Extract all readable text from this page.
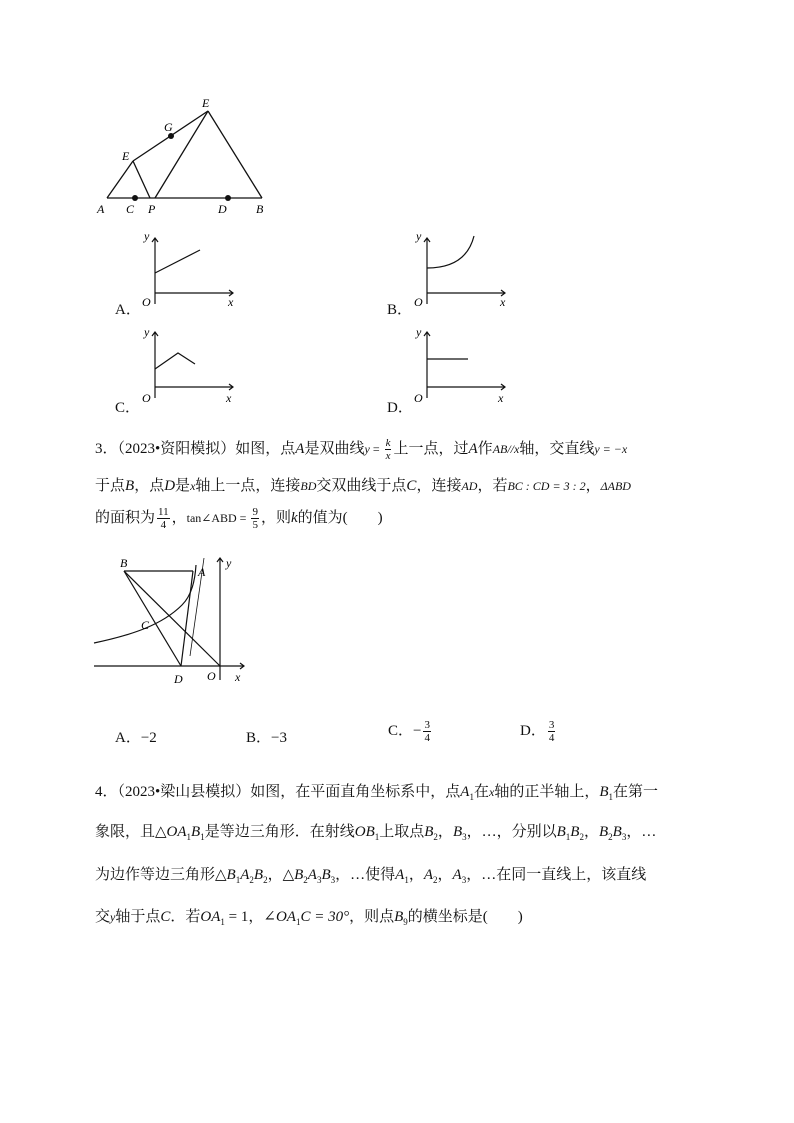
E
G
E
A C P	D B
A．
y
x
O	B．
y
x
O
C．
y
x
O
D．
y
x
O
3．（2023•资阳模拟）如图，点A是双曲线$y = \frac{k}{x}$ 上一点，过A作AB//x轴，交直线y = −x
于点B，点D是x轴上一点，连接BD交双曲线于点C，连接AD，若BC : CD = 3 : 2，ΔABD
的面积为 $\frac{11}{4}$ ，tan∠ABD = $\frac{9}{5}$ ，则k的值为(　　)
B
A
C
D O x
y
A．−2	B．−3	C．− $\frac{3}{4}$	D． $\frac{3}{4}$
4．（2023•梁山县模拟）如图，在平面直角坐标系中，点$A_1$在x轴的正半轴上，$B_1$在第一
象限，且$\triangle OA_1B_1$是等边三角形．在射线$OB_1$上取点$B_2$，$B_3$，…，分别以$B_1B_2$，$B_2B_3$，…
为边作等边三角形$\triangle B_1A_2B_2$，$\triangle B_2A_3B_3$，…使得$A_1$，$A_2$，$A_3$，…在同一直线上，该直线
交y轴于点C．若$OA_1 = 1$，$\angle OA_1C = 30^\circ$，则点$B_9$的横坐标是(　　)
